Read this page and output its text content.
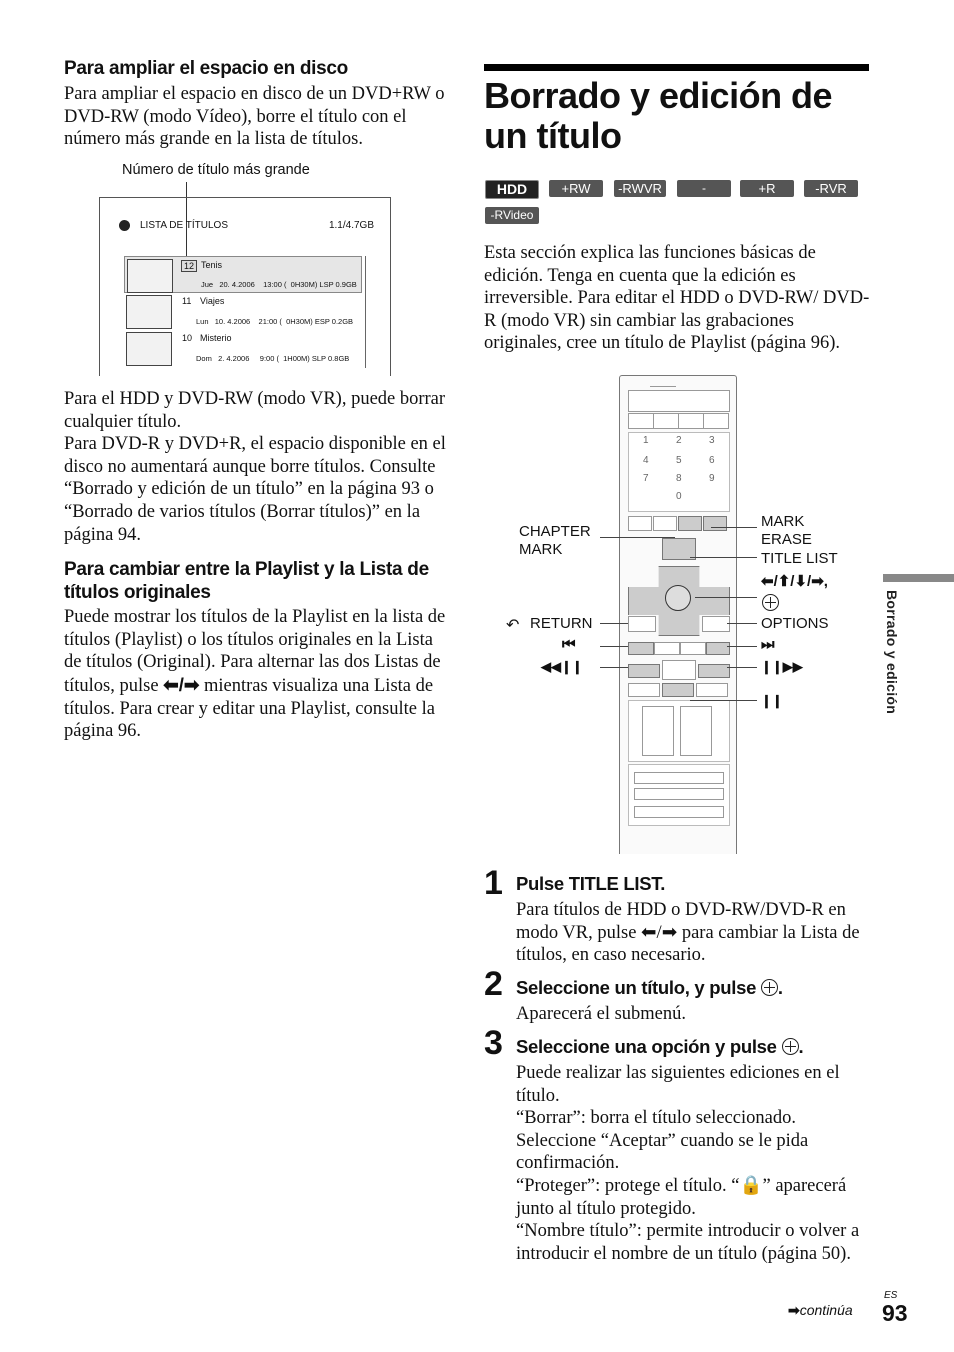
Para ampliar el espacio en disco
Para ampliar el espacio en disco de un DVD+RW o DVD-RW (modo Vídeo), borre el título con el número más grande en la lista de títulos.
Número de título más grande
LISTA DE TÍTULOS	1.1/4.7GB
12 Tenis
Jue   20. 4.2006    13:00 (  0H30M) LSP 0.9GB
11 Viajes
Lun   10. 4.2006    21:00 (  0H30M) ESP 0.2GB
10 Misterio
Dom   2. 4.2006     9:00 (  1H00M) SLP 0.8GB

Para el HDD y DVD-RW (modo VR), puede borrar cualquier título.

Para DVD-R y DVD+R, el espacio disponible en el disco no aumentará aunque borre títulos. Consulte “Borrado y edición de un título” en la página 93 o “Borrado de varios títulos (Borrar títulos)” en la página 94.

Para cambiar entre la Playlist y la Lista de títulos originales

Puede mostrar los títulos de la Playlist en la lista de títulos (Playlist) o los títulos originales en la Lista de títulos (Original). Para alternar las dos Listas de títulos, pulse ⬅/➡ mientras visualiza una Lista de títulos. Para crear y editar una Playlist, consulte la página 96.

Borrado y edición de un título
HDD	+RW	-RWVR	-RWVideo
+R	-RVR
-RVideo
Esta sección explica las funciones básicas de edición. Tenga en cuenta que la edición es irreversible. Para editar el HDD o DVD-RW/ DVD-R (modo VR) sin cambiar las grabaciones originales, cree un título de Playlist (página 96).
1	2	3
4	5	6
7	8	9
0
CHAPTER
MARK
MARK
ERASE
TITLE LIST
⬅/⬆/⬇/➡,
↶ RETURN	OPTIONS
⏮	⏭
◀◀❙❙	❙❙▶▶
❙❙
1 Pulse TITLE LIST.
Para títulos de HDD o DVD-RW/DVD-R en modo VR, pulse ⬅/➡ para cambiar la Lista de títulos, en caso necesario.
2 Seleccione un título, y pulse .
Aparecerá el submenú.
3 Seleccione una opción y pulse .

Puede realizar las siguientes ediciones en el título.

“Borrar”: borra el título seleccionado. Seleccione “Aceptar” cuando se le pida confirmación.

“Proteger”: protege el título. “🔒” aparecerá junto al título protegido.

“Nombre título”: permite introducir o volver a introducir el nombre de un título (página 50).

Borrado y edición
➡continúa
ES
93
